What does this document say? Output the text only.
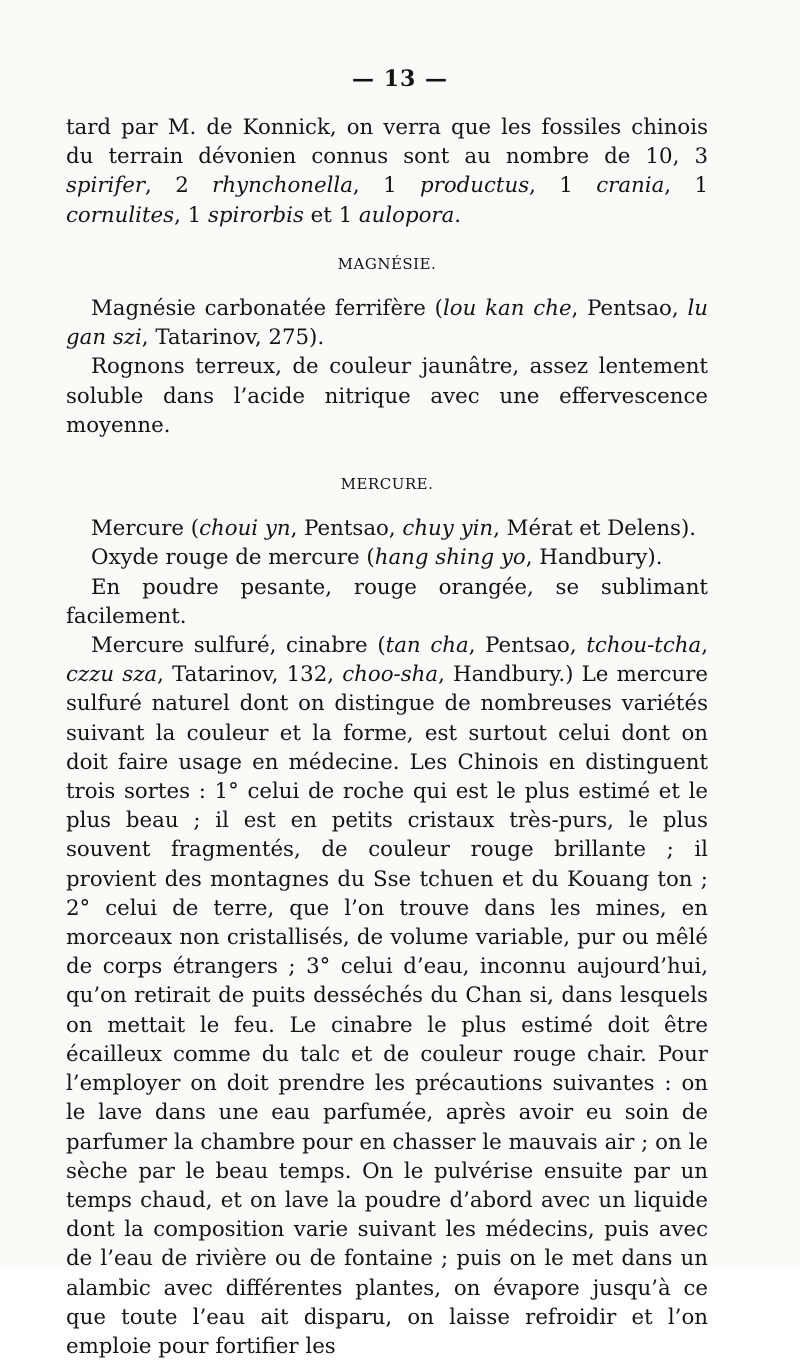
— 13 —

tard par M. de Konnick, on verra que les fossiles chinois du terrain dévonien connus sont au nombre de 10, 3 spirifer, 2 rhynchonella, 1 productus, 1 crania, 1 cornulites, 1 spirorbis et 1 aulopora.

MAGNÉSIE.

Magnésie carbonatée ferrifère (lou kan che, Pentsao, lu gan szi, Tatarinov, 275).

Rognons terreux, de couleur jaunâtre, assez lentement soluble dans l’acide nitrique avec une effervescence moyenne.

MERCURE.

Mercure (choui yn, Pentsao, chuy yin, Mérat et Delens).

Oxyde rouge de mercure (hang shing yo, Handbury).

En poudre pesante, rouge orangée, se sublimant facilement.

Mercure sulfuré, cinabre (tan cha, Pentsao, tchou-tcha, czzu sza, Tatarinov, 132, choo-sha, Handbury.) Le mercure sulfuré naturel dont on distingue de nombreuses variétés suivant la couleur et la forme, est surtout celui dont on doit faire usage en médecine. Les Chinois en distinguent trois sortes : 1° celui de roche qui est le plus estimé et le plus beau ; il est en petits cristaux très-purs, le plus souvent fragmentés, de couleur rouge brillante ; il provient des montagnes du Sse tchuen et du Kouang ton ; 2° celui de terre, que l’on trouve dans les mines, en morceaux non cristallisés, de volume variable, pur ou mêlé de corps étrangers ; 3° celui d’eau, inconnu aujourd’hui, qu’on retirait de puits desséchés du Chan si, dans lesquels on mettait le feu. Le cinabre le plus estimé doit être écailleux comme du talc et de couleur rouge chair. Pour l’employer on doit prendre les précautions suivantes : on le lave dans une eau parfumée, après avoir eu soin de parfumer la chambre pour en chasser le mauvais air ; on le sèche par le beau temps. On le pulvérise ensuite par un temps chaud, et on lave la poudre d’abord avec un liquide dont la composition varie suivant les médecins, puis avec de l’eau de rivière ou de fontaine ; puis on le met dans un alambic avec différentes plantes, on évapore jusqu’à ce que toute l’eau ait disparu, on laisse refroidir et l’on emploie pour fortifier les
